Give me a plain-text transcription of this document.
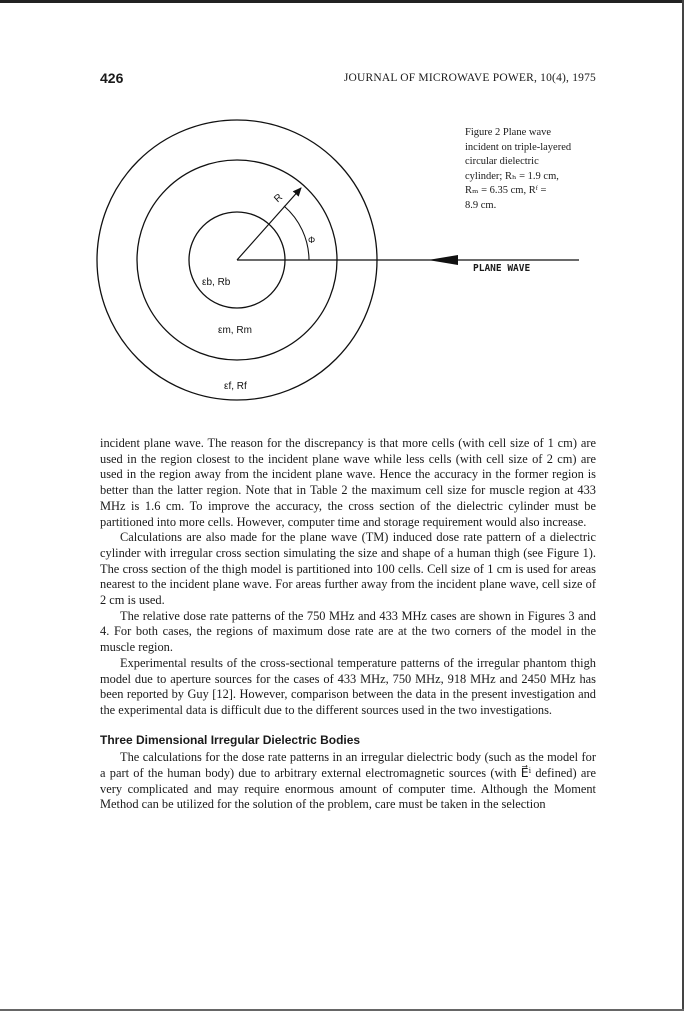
426	JOURNAL OF MICROWAVE POWER, 10(4), 1975
R
Φ
εb, Rb
εm, Rm
εf, Rf
PLANE WAVE
Figure 2 Plane wave
incident on triple-layered
circular dielectric
cylinder; Rₕ = 1.9 cm,
Rₘ = 6.35 cm, Rᶠ =
8.9 cm.

incident plane wave. The reason for the discrepancy is that more cells (with cell size of 1 cm) are used in the region closest to the incident plane wave while less cells (with cell size of 2 cm) are used in the region away from the incident plane wave. Hence the accuracy in the former region is better than the latter region. Note that in Table 2 the maximum cell size for muscle region at 433 MHz is 1.6 cm. To improve the accuracy, the cross section of the dielectric cylinder must be partitioned into more cells. However, computer time and storage requirement would also increase.

Calculations are also made for the plane wave (TM) induced dose rate pattern of a dielectric cylinder with irregular cross section simulating the size and shape of a human thigh (see Figure 1). The cross section of the thigh model is partitioned into 100 cells. Cell size of 1 cm is used for areas nearest to the incident plane wave. For areas further away from the incident plane wave, cell size of 2 cm is used.

The relative dose rate patterns of the 750 MHz and 433 MHz cases are shown in Figures 3 and 4. For both cases, the regions of maximum dose rate are at the two corners of the model in the muscle region.

Experimental results of the cross-sectional temperature patterns of the irregular phantom thigh model due to aperture sources for the cases of 433 MHz, 750 MHz, 918 MHz and 2450 MHz has been reported by Guy [12]. However, comparison between the data in the present investigation and the experimental data is difficult due to the different sources used in the two investigations.

Three Dimensional Irregular Dielectric Bodies

The calculations for the dose rate patterns in an irregular dielectric body (such as the model for a part of the human body) due to arbitrary external electromagnetic sources (with E⃗ⁱ defined) are very complicated and may require enormous amount of computer time. Although the Moment Method can be utilized for the solution of the problem, care must be taken in the selection
